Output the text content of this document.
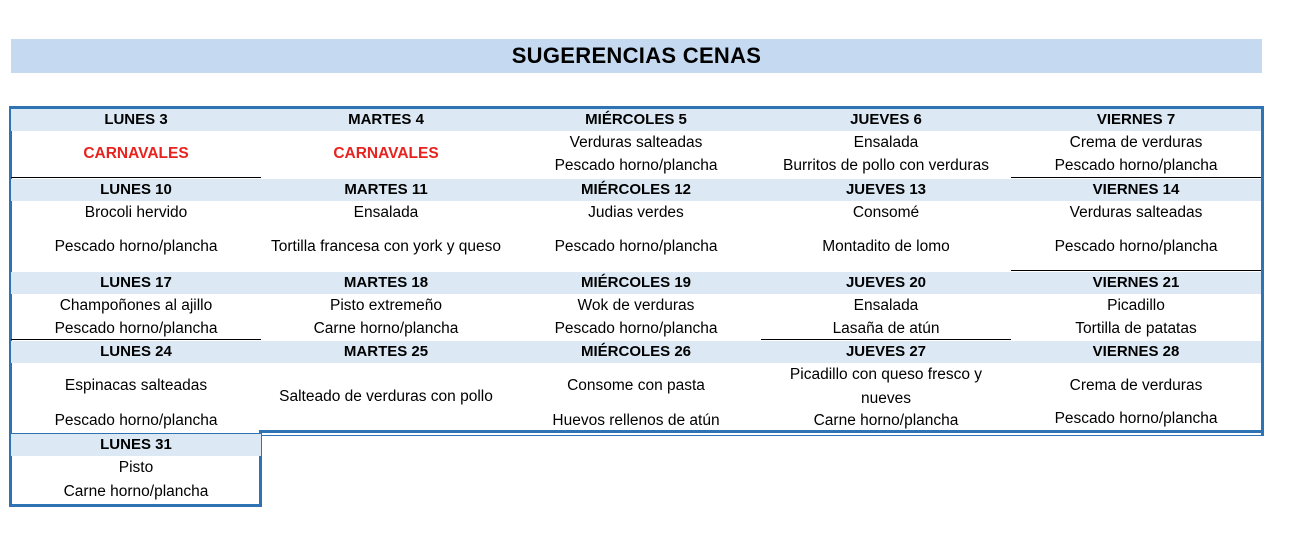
SUGERENCIAS CENAS
LUNES 3
CARNAVALES
MARTES 4
CARNAVALES
MIÉRCOLES 5
Verduras salteadas
Pescado horno/plancha
JUEVES 6
Ensalada
Burritos de pollo con verduras
VIERNES 7
Crema de verduras
Pescado horno/plancha
LUNES 10
Brocoli hervido
Pescado horno/plancha
MARTES 11
Ensalada
Tortilla francesa con york y queso
MIÉRCOLES 12
Judias verdes
Pescado horno/plancha
JUEVES 13
Consomé
Montadito de lomo
VIERNES 14
Verduras salteadas
Pescado horno/plancha
LUNES 17
Champoñones al ajillo
Pescado horno/plancha
MARTES 18
Pisto extremeño
Carne horno/plancha
MIÉRCOLES 19
Wok de verduras
Pescado horno/plancha
JUEVES 20
Ensalada
Lasaña de atún
VIERNES 21
Picadillo
Tortilla de patatas
LUNES 24
Espinacas salteadas
Pescado horno/plancha
MARTES 25
Salteado de verduras con pollo
MIÉRCOLES 26
Consome con pasta
Huevos rellenos de atún
JUEVES 27
Picadillo con queso fresco y
nueves
Carne horno/plancha
VIERNES 28
Crema de verduras
Pescado horno/plancha
LUNES 31
Pisto
Carne horno/plancha
